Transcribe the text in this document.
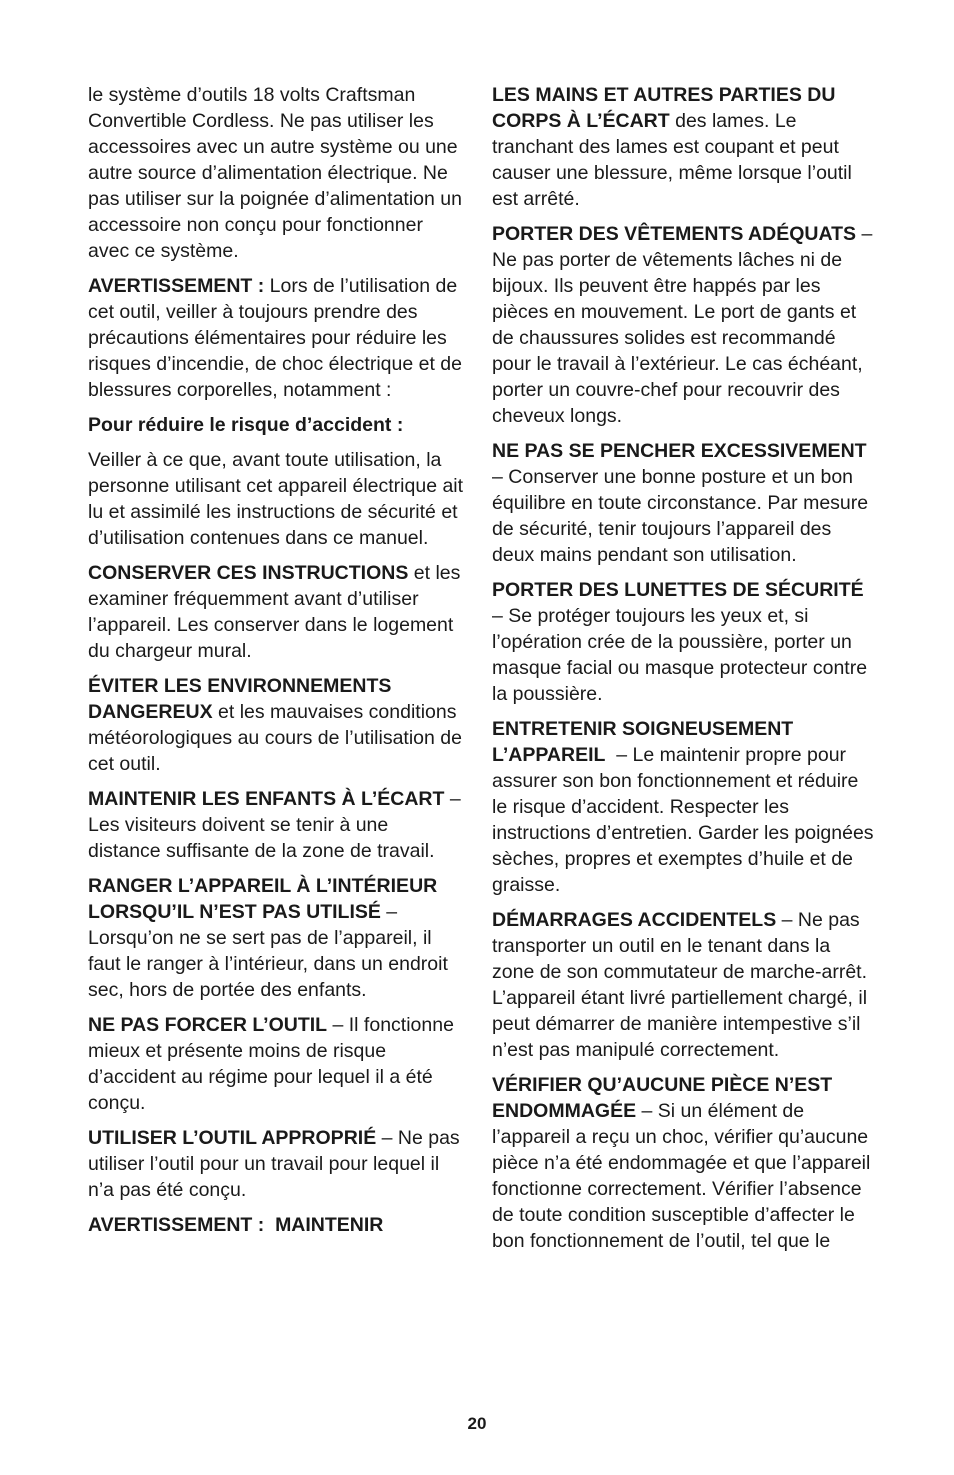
le système d’outils 18 volts Craftsman Convertible Cordless. Ne pas utiliser les accessoires avec un autre système ou une autre source d’alimentation électrique. Ne pas utiliser sur la poignée d’alimentation un accessoire non conçu pour fonctionner avec ce système.

AVERTISSEMENT : Lors de l’utilisation de cet outil, veiller à toujours prendre des précautions élémentaires pour réduire les risques d’incendie, de choc électrique et de blessures corporelles, notamment :

Pour réduire le risque d’accident :

Veiller à ce que, avant toute utilisation, la personne utilisant cet appareil électrique ait lu et assimilé les instructions de sécurité et d’utilisation contenues dans ce manuel.

CONSERVER CES INSTRUCTIONS et les examiner fréquemment avant d’utiliser l’appareil. Les conserver dans le logement du chargeur mural.

ÉVITER LES ENVIRONNEMENTS DANGEREUX et les mauvaises conditions météorologiques au cours de l’utilisation de cet outil.

MAINTENIR LES ENFANTS À L’ÉCART – Les visiteurs doivent se tenir à une distance suffisante de la zone de travail.

RANGER L’APPAREIL À L’INTÉRIEUR LORSQU’IL N’EST PAS UTILISÉ – Lorsqu’on ne se sert pas de l’appareil, il faut le ranger à l’intérieur, dans un endroit sec, hors de portée des enfants.

NE PAS FORCER L’OUTIL – Il fonctionne mieux et présente moins de risque d’accident au régime pour lequel il a été conçu.

UTILISER L’OUTIL APPROPRIÉ – Ne pas utiliser l’outil pour un travail pour lequel il n’a pas été conçu.

AVERTISSEMENT :  MAINTENIR

LES MAINS ET AUTRES PARTIES DU CORPS À L’ÉCART des lames. Le tranchant des lames est coupant et peut causer une blessure, même lorsque l’outil est arrêté.

PORTER DES VÊTEMENTS ADÉQUATS – Ne pas porter de vêtements lâches ni de bijoux. Ils peuvent être happés par les pièces en mouvement. Le port de gants et de chaussures solides est recommandé pour le travail à l’extérieur. Le cas échéant, porter un couvre-chef pour recouvrir des cheveux longs.

NE PAS SE PENCHER EXCESSIVEMENT – Conserver une bonne posture et un bon équilibre en toute circonstance. Par mesure de sécurité, tenir toujours l’appareil des deux mains pendant son utilisation.

PORTER DES LUNETTES DE SÉCURITÉ – Se protéger toujours les yeux et, si l’opération crée de la poussière, porter un masque facial ou masque protecteur contre la poussière.

ENTRETENIR SOIGNEUSEMENT L’APPAREIL  – Le maintenir propre pour assurer son bon fonctionnement et réduire le risque d’accident. Respecter les instructions d’entretien. Garder les poignées sèches, propres et exemptes d’huile et de graisse.

DÉMARRAGES ACCIDENTELS – Ne pas transporter un outil en le tenant dans la zone de son commutateur de marche-arrêt. L’appareil étant livré partiellement chargé, il peut démarrer de manière intempestive s’il n’est pas manipulé correctement.

VÉRIFIER QU’AUCUNE PIÈCE N’EST ENDOMMAGÉE – Si un élément de l’appareil a reçu un choc, vérifier qu’aucune pièce n’a été endommagée et que l’appareil fonctionne correctement. Vérifier l’absence de toute condition susceptible d’affecter le bon fonctionnement de l’outil, tel que le

20
